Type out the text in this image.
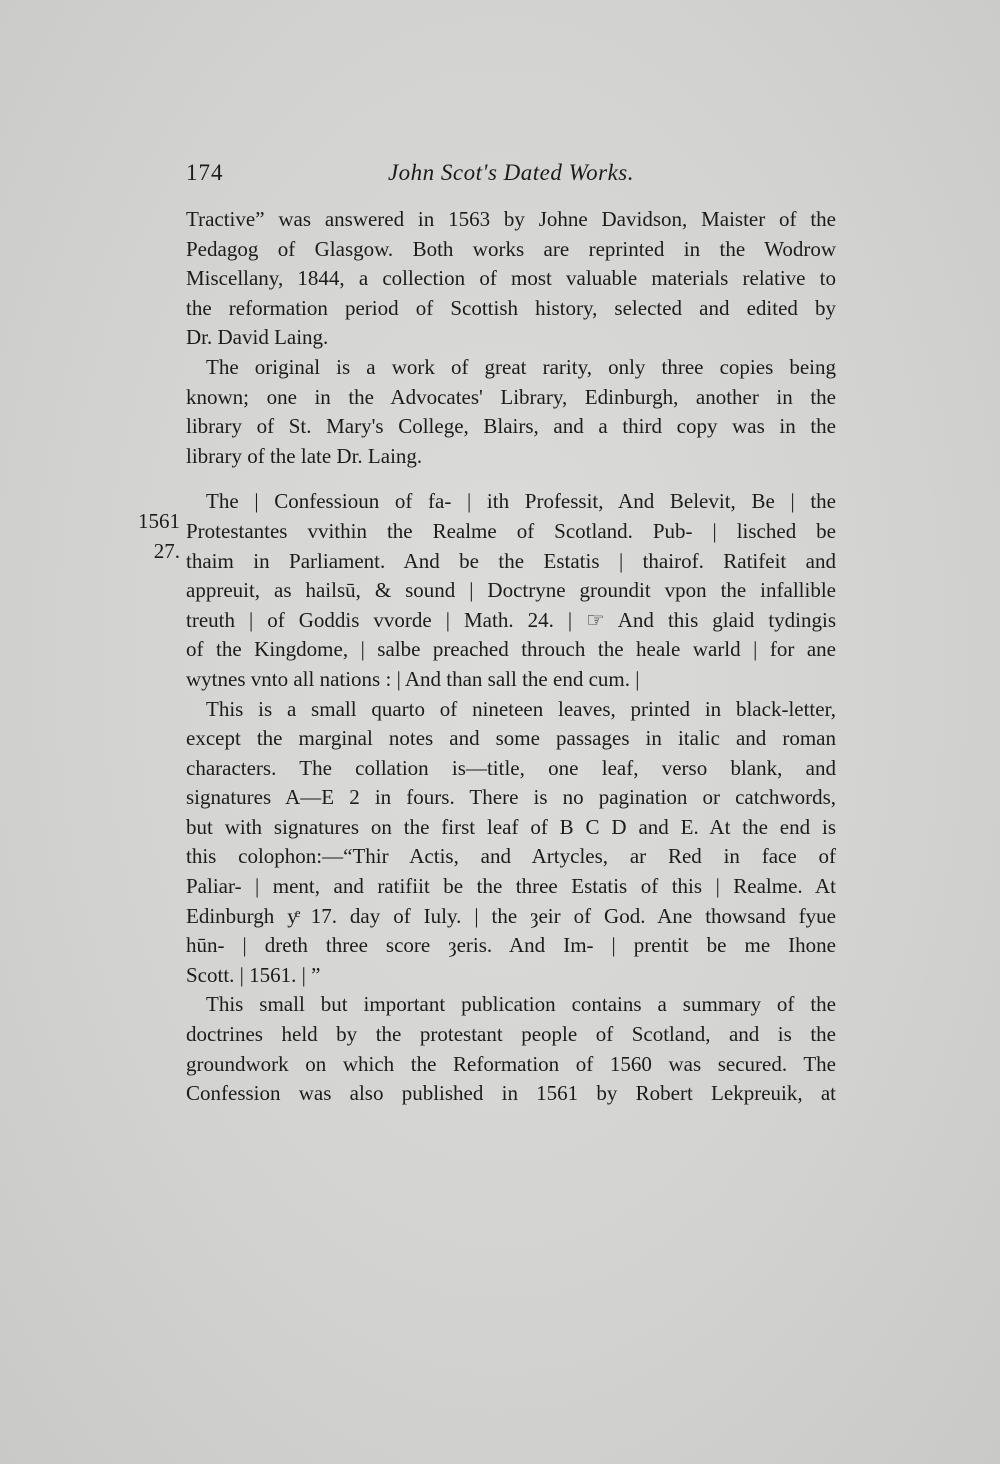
174	John Scot's Dated Works.
1561
27.

Tractive” was answered in 1563 by Johne Davidson, Maister of the
Pedagog of Glasgow. Both works are reprinted in the Wodrow
Miscellany, 1844, a collection of most valuable materials relative to
the reformation period of Scottish history, selected and edited by
Dr. David Laing.

The original is a work of great rarity, only three copies being
known; one in the Advocates' Library, Edinburgh, another in the
library of St. Mary's College, Blairs, and a third copy was in the
library of the late Dr. Laing.

The | Confessioun of fa- | ith Professit, And Belevit, Be | the
Protestantes vvithin the Realme of Scotland. Pub- | lisched be
thaim in Parliament. And be the Estatis | thairof. Ratifeit and
appreuit, as hailsū, & sound | Doctryne groundit vpon the infallible
treuth | of Goddis vvorde | Math. 24. | ☞ And this glaid tydingis
of the Kingdome, | salbe preached throuch the heale warld | for ane
wytnes vnto all nations : | And than sall the end cum. |

This is a small quarto of nineteen leaves, printed in black-letter,
except the marginal notes and some passages in italic and roman
characters. The collation is—title, one leaf, verso blank, and
signatures A—E 2 in fours. There is no pagination or catchwords,
but with signatures on the first leaf of B C D and E. At the end is
this colophon:—“Thir Actis, and Artycles, ar Red in face of
Paliar- | ment, and ratifiit be the three Estatis of this | Realme. At
Edinburgh yͤ 17. day of Iuly. | the ȝeir of God. Ane thowsand fyue
hūn- | dreth three score ȝeris. And Im- | prentit be me Ihone
Scott. | 1561. | ”

This small but important publication contains a summary of the
doctrines held by the protestant people of Scotland, and is the
groundwork on which the Reformation of 1560 was secured. The
Confession was also published in 1561 by Robert Lekpreuik, at
